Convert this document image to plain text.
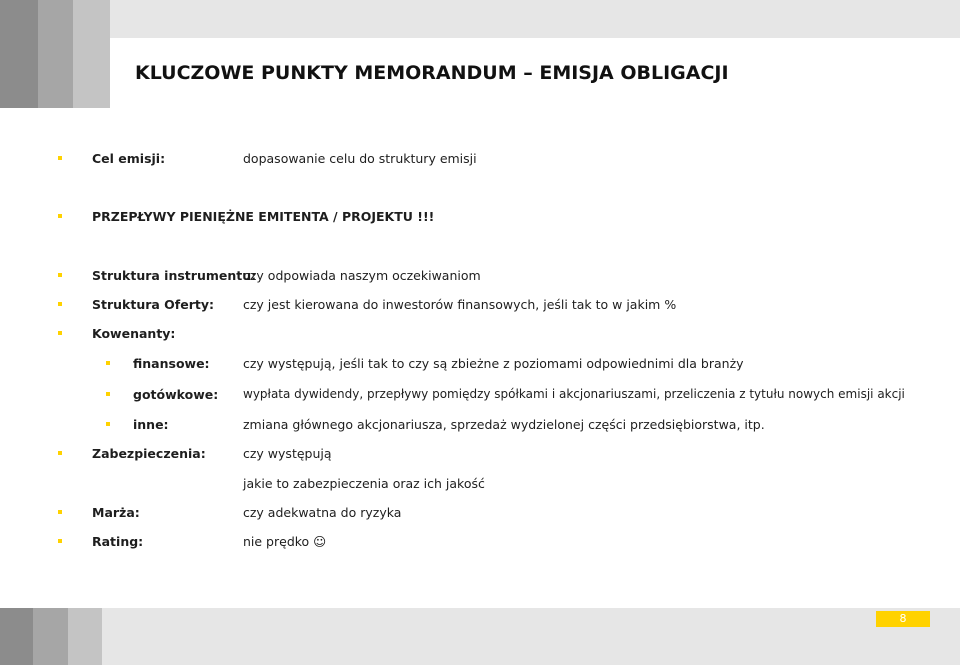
KLUCZOWE PUNKTY MEMORANDUM – EMISJA OBLIGACJI
Cel emisji:	dopasowanie celu do struktury emisji
PRZEPŁYWY PIENIĘŻNE EMITENTA / PROJEKTU !!!
Struktura instrumentu:
czy odpowiada naszym oczekiwaniom
Struktura Oferty: czy jest kierowana do inwestorów finansowych, jeśli tak to w jakim %
Kowenanty:
finansowe:	czy występują, jeśli tak to czy są zbieżne z poziomami odpowiednimi dla branży
gotówkowe: wypłata dywidendy, przepływy pomiędzy spółkami i akcjonariuszami, przeliczenia z tytułu nowych emisji akcji
inne:	zmiana głównego akcjonariusza, sprzedaż wydzielonej części przedsiębiorstwa, itp.
Zabezpieczenia:	czy występują
jakie to zabezpieczenia oraz ich jakość
Marża:	czy adekwatna do ryzyka
Rating:	nie prędko ☺
8
